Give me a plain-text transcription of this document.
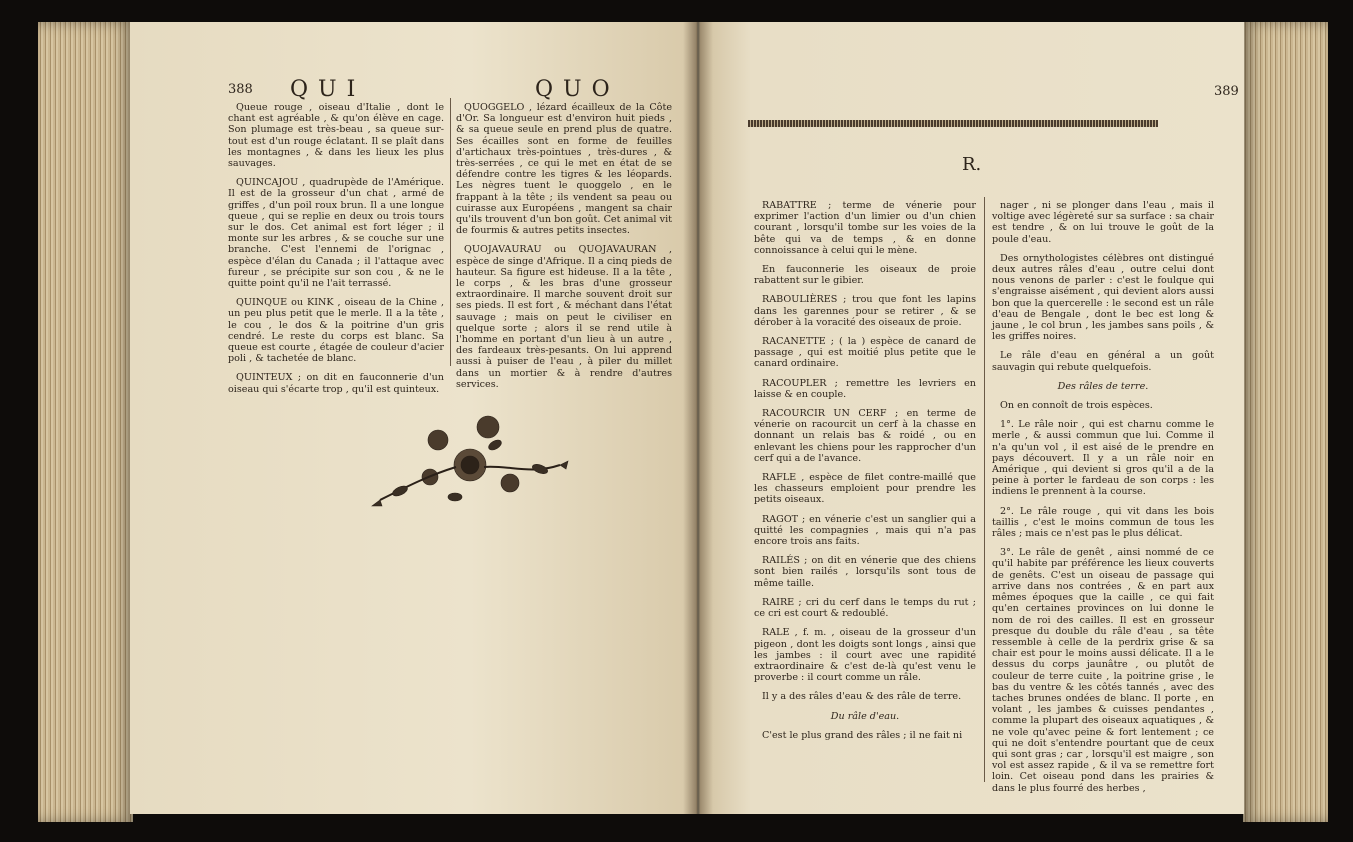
388 QUI	QUO

Queue rouge , oiseau d'Italie , dont le chant est agréable , & qu'on élève en cage. Son plumage est très-beau , sa queue sur-tout est d'un rouge éclatant. Il se plaît dans les montagnes , & dans les lieux les plus sauvages.

QUINCAJOU , quadrupède de l'Amérique. Il est de la grosseur d'un chat , armé de griffes , d'un poil roux brun. Il a une longue queue , qui se replie en deux ou trois tours sur le dos. Cet animal est fort léger ; il monte sur les arbres , & se couche sur une branche. C'est l'ennemi de l'orignac , espèce d'élan du Canada ; il l'attaque avec fureur , se précipite sur son cou , & ne le quitte point qu'il ne l'ait terrassé.

QUINQUE ou KINK , oiseau de la Chine , un peu plus petit que le merle. Il a la tête , le cou , le dos & la poitrine d'un gris cendré. Le reste du corps est blanc. Sa queue est courte , étagée de couleur d'acier poli , & tachetée de blanc.

QUINTEUX ; on dit en fauconnerie d'un oiseau qui s'écarte trop , qu'il est quinteux.

QUOGGELO , lézard écailleux de la Côte d'Or. Sa longueur est d'environ huit pieds , & sa queue seule en prend plus de quatre. Ses écailles sont en forme de feuilles d'artichaux très-pointues , très-dures , & très-serrées , ce qui le met en état de se défendre contre les tigres & les léopards. Les nègres tuent le quoggelo , en le frappant à la tête ; ils vendent sa peau ou cuirasse aux Européens , mangent sa chair qu'ils trouvent d'un bon goût. Cet animal vit de fourmis & autres petits insectes.

QUOJAVAURAU ou QUOJAVAURAN , espèce de singe d'Afrique. Il a cinq pieds de hauteur. Sa figure est hideuse. Il a la tête , le corps , & les bras d'une grosseur extraordinaire. Il marche souvent droit sur ses pieds. Il est fort , & méchant dans l'état sauvage ; mais on peut le civiliser en quelque sorte ; alors il se rend utile à l'homme en portant d'un lieu à un autre , des fardeaux très-pesants. On lui apprend aussi à puiser de l'eau , à piler du millet dans un mortier & à rendre d'autres services.

389
R.

RABATTRE ; terme de vénerie pour exprimer l'action d'un limier ou d'un chien courant , lorsqu'il tombe sur les voies de la bête qui va de temps , & en donne connoissance à celui qui le mène.

En fauconnerie les oiseaux de proie rabattent sur le gibier.

RABOULIÈRES ; trou que font les lapins dans les garennes pour se retirer , & se dérober à la voracité des oiseaux de proie.

RACANETTE ; ( la ) espèce de canard de passage , qui est moitié plus petite que le canard ordinaire.

RACOUPLER ; remettre les levriers en laisse & en couple.

RACOURCIR UN CERF ; en terme de vénerie on racourcit un cerf à la chasse en donnant un relais bas & roidé , ou en enlevant les chiens pour les rapprocher d'un cerf qui a de l'avance.

RAFLE , espèce de filet contre-maillé que les chasseurs emploient pour prendre les petits oiseaux.

RAGOT ; en vénerie c'est un sanglier qui a quitté les compagnies , mais qui n'a pas encore trois ans faits.

RAILÉS ; on dit en vénerie que des chiens sont bien railés , lorsqu'ils sont tous de même taille.

RAIRE ; cri du cerf dans le temps du rut ; ce cri est court & redoublé.

RALE , f. m. , oiseau de la grosseur d'un pigeon , dont les doigts sont longs , ainsi que les jambes : il court avec une rapidité extraordinaire & c'est de-là qu'est venu le proverbe : il court comme un râle.

Il y a des râles d'eau & des râle de terre.

Du râle d'eau.

C'est le plus grand des râles ; il ne fait ni

nager , ni se plonger dans l'eau , mais il voltige avec légèreté sur sa surface : sa chair est tendre , & on lui trouve le goût de la poule d'eau.

Des ornythologistes célèbres ont distingué deux autres râles d'eau , outre celui dont nous venons de parler : c'est le foulque qui s'engraisse aisément , qui devient alors aussi bon que la quercerelle : le second est un râle d'eau de Bengale , dont le bec est long & jaune , le col brun , les jambes sans poils , & les griffes noires.

Le râle d'eau en général a un goût sauvagin qui rebute quelquefois.

Des râles de terre.

On en connoît de trois espèces.

1°. Le râle noir , qui est charnu comme le merle , & aussi commun que lui. Comme il n'a qu'un vol , il est aisé de le prendre en pays découvert. Il y a un râle noir en Amérique , qui devient si gros qu'il a de la peine à porter le fardeau de son corps : les indiens le prennent à la course.

2°. Le râle rouge , qui vit dans les bois taillis , c'est le moins commun de tous les râles ; mais ce n'est pas le plus délicat.

3°. Le râle de genêt , ainsi nommé de ce qu'il habite par préférence les lieux couverts de genêts. C'est un oiseau de passage qui arrive dans nos contrées , & en part aux mêmes époques que la caille , ce qui fait qu'en certaines provinces on lui donne le nom de roi des cailles. Il est en grosseur presque du double du râle d'eau , sa tête ressemble à celle de la perdrix grise & sa chair est pour le moins aussi délicate. Il a le dessus du corps jaunâtre , ou plutôt de couleur de terre cuite , la poitrine grise , le bas du ventre & les côtés tannés , avec des taches brunes ondées de blanc. Il porte , en volant , les jambes & cuisses pendantes , comme la plupart des oiseaux aquatiques , & ne vole qu'avec peine & fort lentement ; ce qui ne doit s'entendre pourtant que de ceux qui sont gras ; car , lorsqu'il est maigre , son vol est assez rapide , & il va se remettre fort loin. Cet oiseau pond dans les prairies & dans le plus fourré des herbes ,
